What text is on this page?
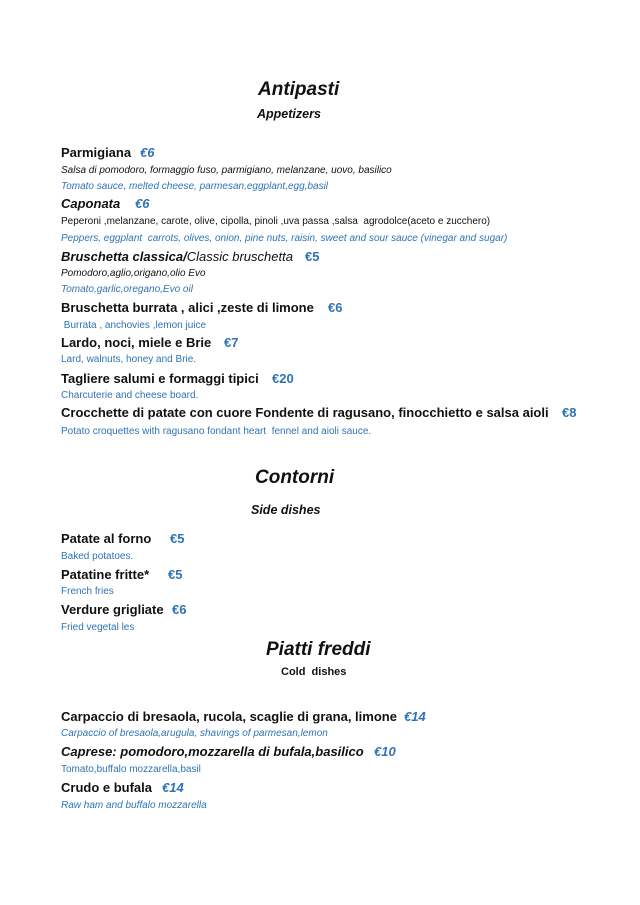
Antipasti
Appetizers
Parmigiana €6
Salsa di pomodoro, formaggio fuso, parmigiano, melanzane, uovo, basilico
Tomato sauce, melted cheese, parmesan,eggplant,egg,basil
Caponata €6
Peperoni ,melanzane, carote, olive, cipolla, pinoli ,uva passa ,salsa  agrodolce(aceto e zucchero)
Peppers, eggplant  carrots, olives, onion, pine nuts, raisin, sweet and sour sauce (vinegar and sugar)
Bruschetta classica/Classic bruschetta €5
Pomodoro,aglio,origano,olio Evo
Tomato,garlic,oregano,Evo oil
Bruschetta burrata , alici ,zeste di limone €6
Burrata , anchovies ,lemon juice
Lardo, noci, miele e Brie €7
Lard, walnuts, honey and Brie.
Tagliere salumi e formaggi tipici €20
Charcuterie and cheese board.
Crocchette di patate con cuore Fondente di ragusano, finocchietto e salsa aioli €8
Potato croquettes with ragusano fondant heart  fennel and aioli sauce.
Contorni
Side dishes
Patate al forno €5
Baked potatoes.
Patatine fritte* €5
French fries
Verdure grigliate €6
Fried vegetal les
Piatti freddi
Cold  dishes
Carpaccio di bresaola, rucola, scaglie di grana, limone €14
Carpaccio of bresaola,arugula, shavings of parmesan,lemon
Caprese: pomodoro,mozzarella di bufala,basilico €10
Tomato,buffalo mozzarella,basil
Crudo e bufala €14
Raw ham and buffalo mozzarella
